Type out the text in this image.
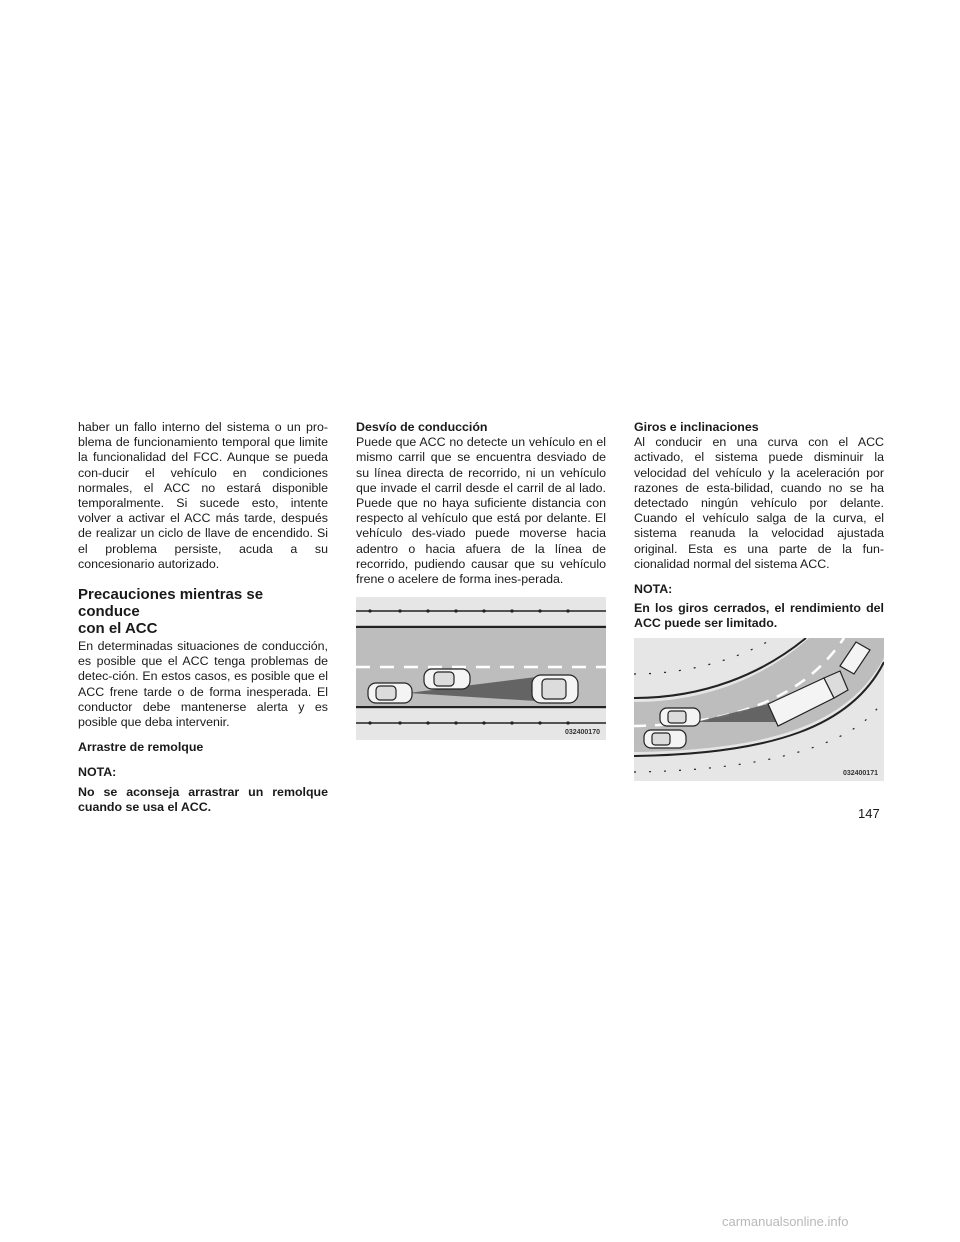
haber un fallo interno del sistema o un pro-blema de funcionamiento temporal que limite la funcionalidad del FCC. Aunque se pueda con-ducir el vehículo en condiciones normales, el ACC no estará disponible temporalmente. Si sucede esto, intente volver a activar el ACC más tarde, después de realizar un ciclo de llave de encendido. Si el problema persiste, acuda a su concesionario autorizado.

Precauciones mientras se conduce
con el ACC

En determinadas situaciones de conducción, es posible que el ACC tenga problemas de detec-ción. En estos casos, es posible que el ACC frene tarde o de forma inesperada. El conductor debe mantenerse alerta y es posible que deba intervenir.

Arrastre de remolque

NOTA:

No se aconseja arrastrar un remolque cuando se usa el ACC.

Desvío de conducción

Puede que ACC no detecte un vehículo en el mismo carril que se encuentra desviado de su línea directa de recorrido, ni un vehículo que invade el carril desde el carril de al lado. Puede que no haya suficiente distancia con respecto al vehículo que está por delante. El vehículo des-viado puede moverse hacia adentro o hacia afuera de la línea de recorrido, pudiendo causar que su vehículo frene o acelere de forma ines-perada.

032400170

Giros e inclinaciones

Al conducir en una curva con el ACC activado, el sistema puede disminuir la velocidad del vehículo y la aceleración por razones de esta-bilidad, cuando no se ha detectado ningún vehículo por delante. Cuando el vehículo salga de la curva, el sistema reanuda la velocidad ajustada original. Esta es una parte de la fun-cionalidad normal del sistema ACC.

NOTA:

En los giros cerrados, el rendimiento del ACC puede ser limitado.

032400171
147
carmanualsonline.info
